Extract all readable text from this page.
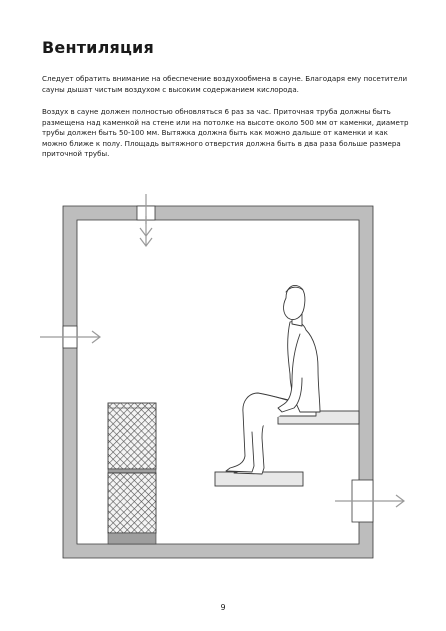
Вентиляция

Следует обратить внимание на обеспечение воздухообмена в сауне. Благодаря ему посетители сауны дышат чистым воздухом с высоким содержанием кислорода.

Воздух в сауне должен полностью обновляться 6 раз за час. Приточная труба должны быть размещена над каменкой на стене или на потолке на высоте около 500 мм от каменки, диаметр трубы должен быть 50-100 мм. Вытяжка должна быть как можно дальше от каменки и как можно ближе к полу. Площадь вытяжного отверстия должна быть в два раза больше размера приточной трубы.

9
